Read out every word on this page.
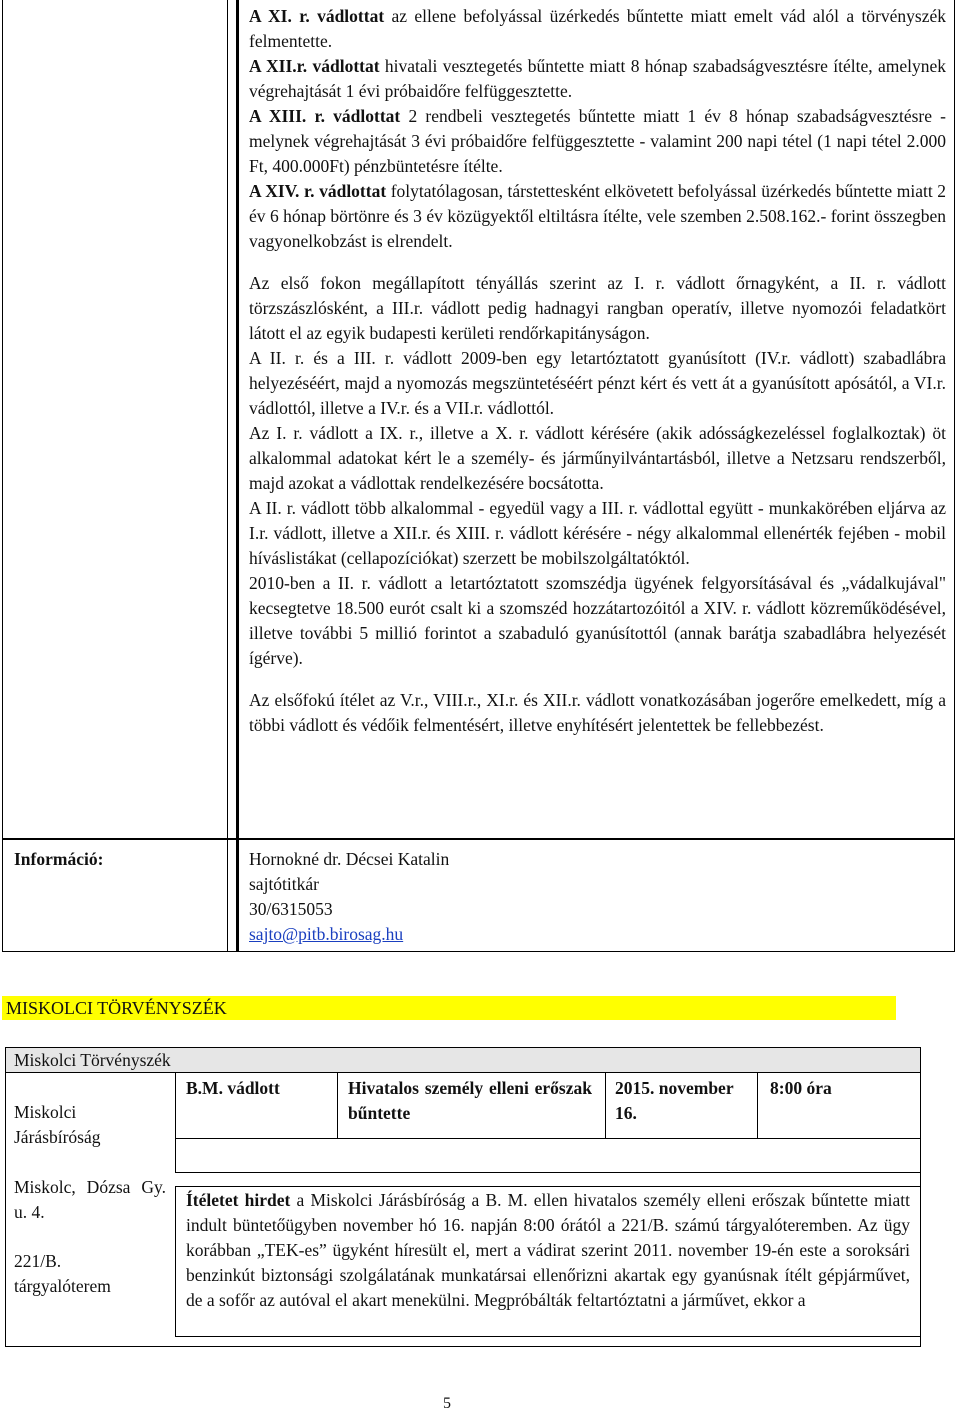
A XI. r. vádlottat az ellene befolyással üzérkedés bűntette miatt emelt vád alól a törvényszék felmentette.

A XII.r. vádlottat hivatali vesztegetés bűntette miatt 8 hónap szabadságvesztésre ítélte, amelynek végrehajtását 1 évi próbaidőre felfüggesztette.

A XIII. r. vádlottat 2 rendbeli vesztegetés bűntette miatt 1 év 8 hónap szabadságvesztésre - melynek végrehajtását 3 évi próbaidőre felfüggesztette - valamint 200 napi tétel (1 napi tétel 2.000 Ft, 400.000Ft) pénzbüntetésre ítélte.

A XIV. r. vádlottat folytatólagosan, társtettesként elkövetett befolyással üzérkedés bűntette miatt 2 év 6 hónap börtönre és 3 év közügyektől eltiltásra ítélte, vele szemben 2.508.162.- forint összegben vagyonelkobzást is elrendelt.

Az első fokon megállapított tényállás szerint az I. r. vádlott őrnagyként, a II. r. vádlott törzszászlósként, a III.r. vádlott pedig hadnagyi rangban operatív, illetve nyomozói feladatkört látott el az egyik budapesti kerületi rendőrkapitányságon.

A II. r. és a III. r. vádlott 2009-ben egy letartóztatott gyanúsított (IV.r. vádlott) szabadlábra helyezéséért, majd a nyomozás megszüntetéséért pénzt kért és vett át a gyanúsított apósától, a VI.r. vádlottól, illetve a IV.r. és a VII.r. vádlottól.

Az I. r. vádlott a IX. r., illetve a X. r. vádlott kérésére (akik adósságkezeléssel foglalkoztak) öt alkalommal adatokat kért le a személy- és járműnyilvántartásból, illetve a Netzsaru rendszerből, majd azokat a vádlottak rendelkezésére bocsátotta.

A II. r. vádlott több alkalommal - egyedül vagy a III. r. vádlottal együtt - munkakörében eljárva az I.r. vádlott, illetve a XII.r. és XIII. r. vádlott kérésére - négy alkalommal ellenérték fejében - mobil híváslistákat (cellapozíciókat) szerzett be mobilszolgáltatóktól.

2010-ben a II. r. vádlott a letartóztatott szomszédja ügyének felgyorsításával és „vádalkujával" kecsegtetve 18.500 eurót csalt ki a szomszéd hozzátartozóitól a XIV. r. vádlott közreműködésével, illetve további 5 millió forintot a szabaduló gyanúsítottól (annak barátja szabadlábra helyezését ígérve).

Az elsőfokú ítélet az V.r., VIII.r., XI.r. és XII.r. vádlott vonatkozásában jogerőre emelkedett, míg a többi vádlott és védőik felmentésért, illetve enyhítésért jelentettek be fellebbezést.

Információ:	Hornokné dr. Décsei Katalin
sajtótitkár
30/6315053
sajto@pitb.birosag.hu
MISKOLCI TÖRVÉNYSZÉK
Miskolci Törvényszék
Miskolci Járásbíróság
Miskolc, Dózsa Gy. u. 4.
221/B. tárgyalóterem
B.M. vádlott	Hivatalos személy elleni erőszak bűntette
2015. november 16.
8:00 óra
Ítéletet hirdet a Miskolci Járásbíróság a B. M. ellen hivatalos személy elleni erőszak bűntette miatt indult büntetőügyben november hó 16. napján 8:00 órától a 221/B. számú tárgyalóteremben. Az ügy korábban „TEK-es” ügyként híresült el, mert a vádirat szerint 2011. november 19-én este a soroksári benzinkút biztonsági szolgálatának munkatársai ellenőrizni akartak egy gyanúsnak ítélt gépjárművet, de a sofőr az autóval el akart menekülni. Megpróbálták feltartóztatni a járművet, ekkor a
5
